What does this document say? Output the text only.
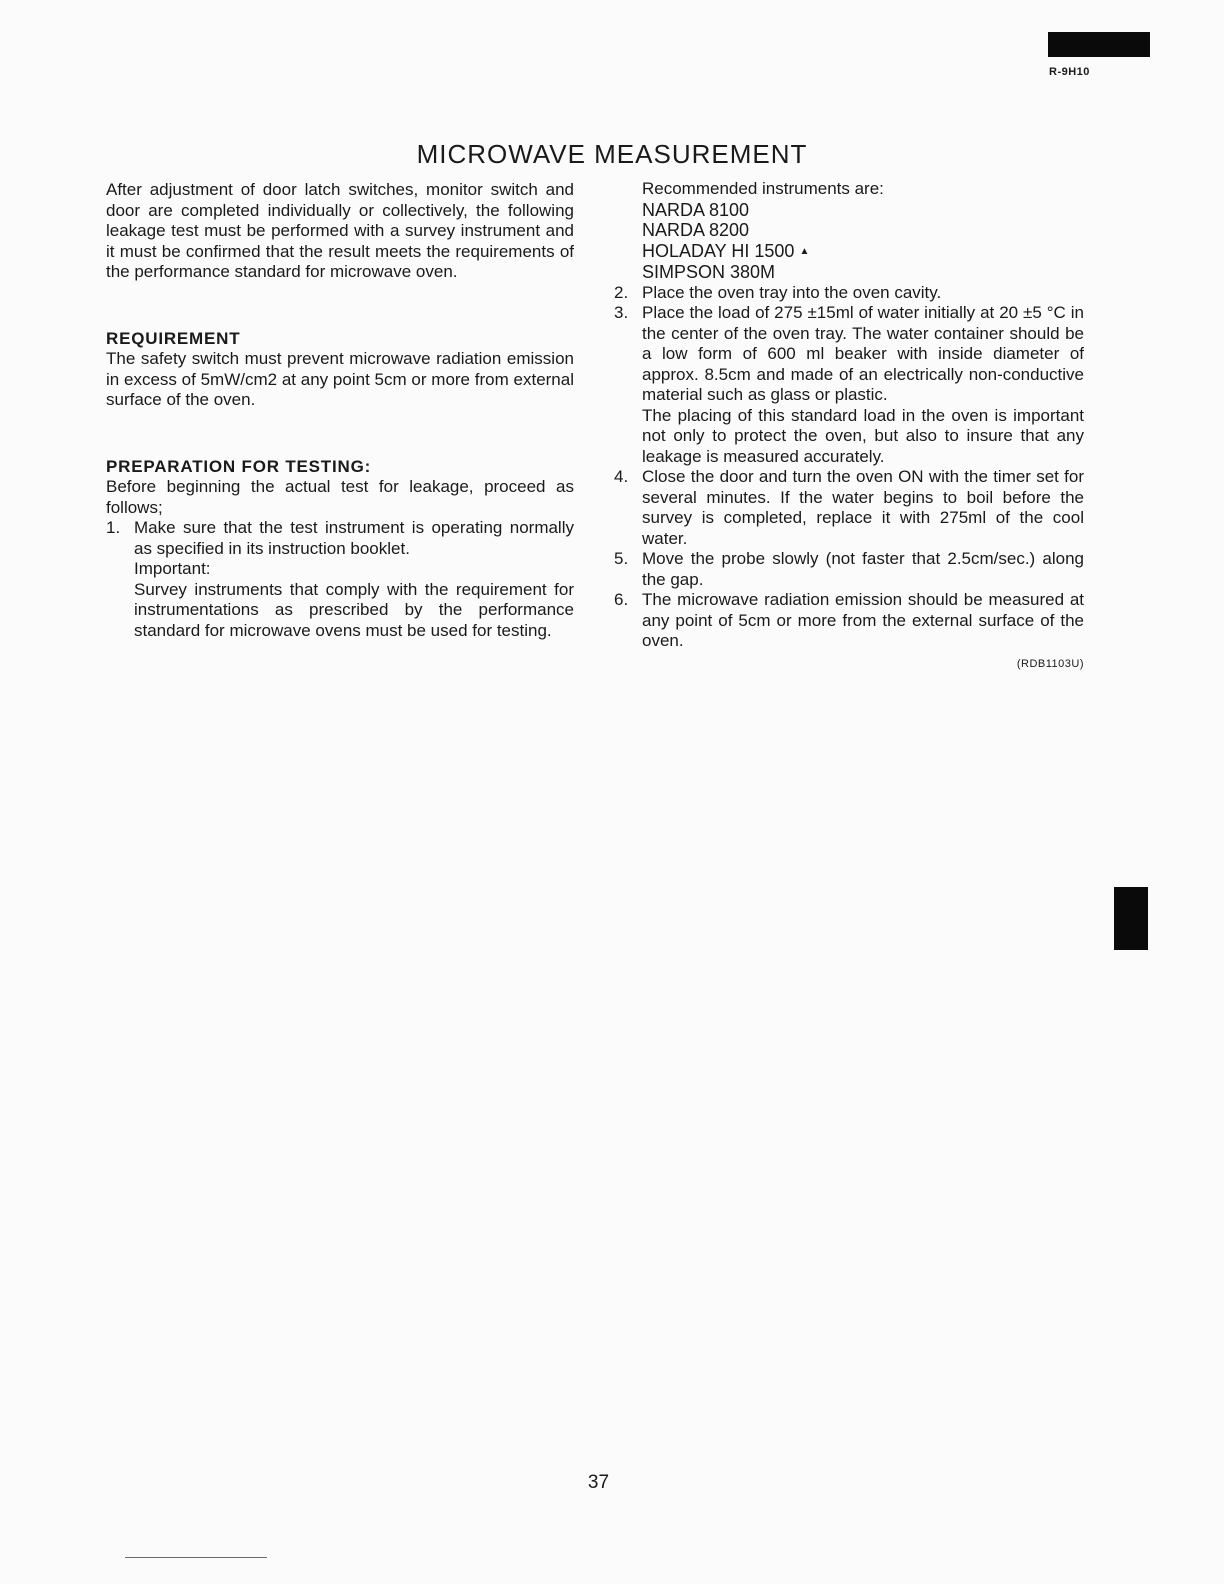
R-9H10
MICROWAVE MEASUREMENT

After adjustment of door latch switches, monitor switch and door are completed individually or collectively, the following leakage test must be performed with a survey instrument and it must be confirmed that the result meets the requirements of the performance standard for microwave oven.

REQUIREMENT

The safety switch must prevent microwave radiation emission in excess of 5mW/cm2 at any point 5cm or more from external surface of the oven.

PREPARATION FOR TESTING:

Before beginning the actual test for leakage, proceed as follows;

1. Make sure that the test instrument is operating normally as specified in its instruction booklet.

Important:

Survey instruments that comply with the requirement for instrumentations as prescribed by the performance standard for microwave ovens must be used for testing.

Recommended instruments are:

NARDA 8100

NARDA 8200

HOLADAY HI 1500 ▲

SIMPSON 380M

2. Place the oven tray into the oven cavity.

3. Place the load of 275 ±15ml of water initially at 20 ±5 °C in the center of the oven tray. The water container should be a low form of 600 ml beaker with inside diameter of approx. 8.5cm and made of an electrically non-conductive material such as glass or plastic.

The placing of this standard load in the oven is important not only to protect the oven, but also to insure that any leakage is measured accurately.

4. Close the door and turn the oven ON with the timer set for several minutes. If the water begins to boil before the survey is completed, replace it with 275ml of the cool water.

5. Move the probe slowly (not faster that 2.5cm/sec.) along the gap.

6. The microwave radiation emission should be measured at any point of 5cm or more from the external surface of the oven.

(RDB1103U)

37
